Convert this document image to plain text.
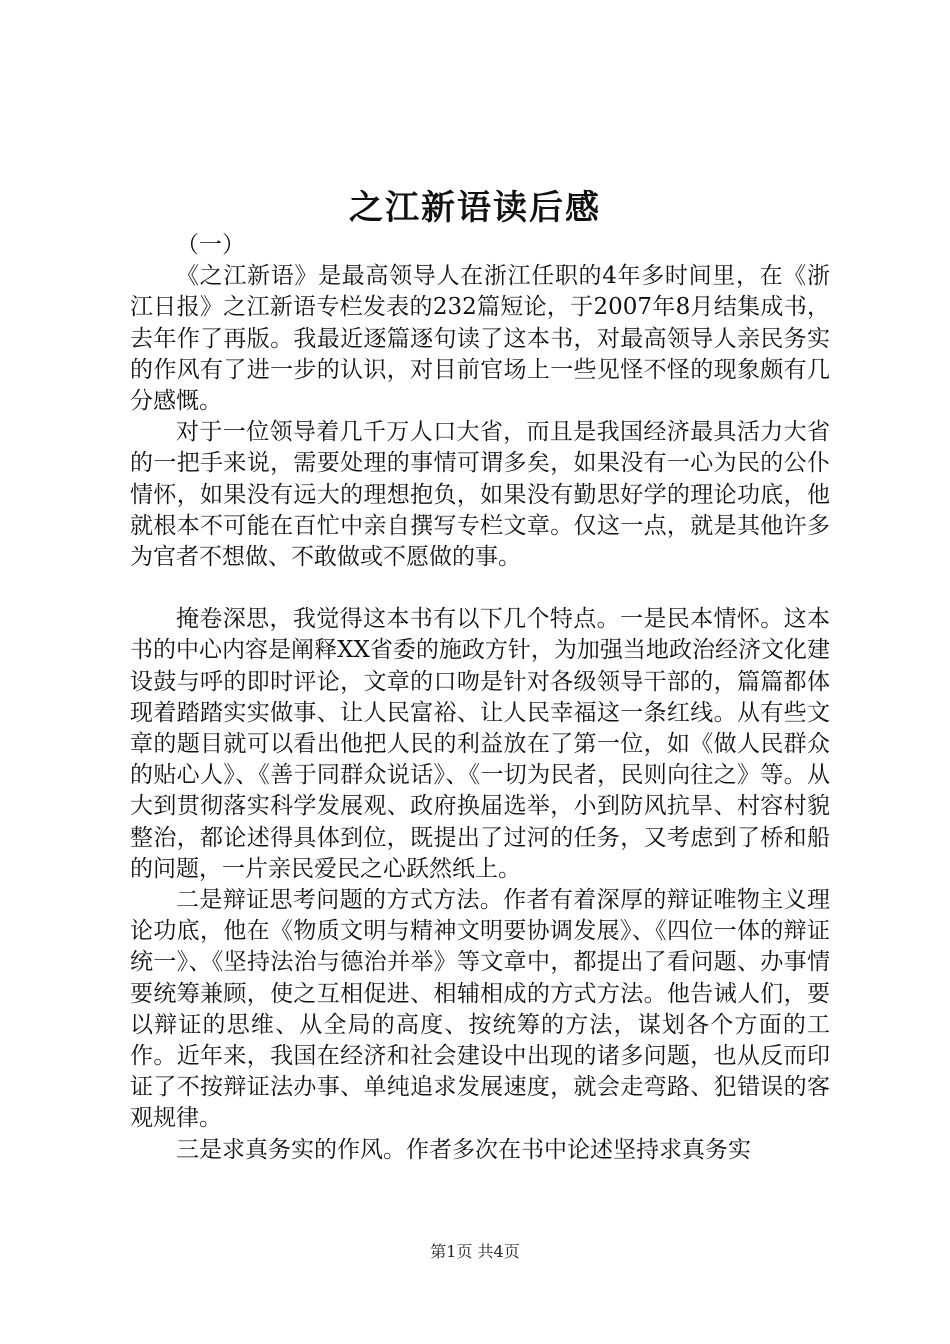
之江新语读后感

（一）

《之江新语》是最高领导人在浙江任职的4年多时间里，在《浙江日报》之江新语专栏发表的232篇短论，于2007年8月结集成书，去年作了再版。我最近逐篇逐句读了这本书，对最高领导人亲民务实的作风有了进一步的认识，对目前官场上一些见怪不怪的现象颇有几分感慨。

对于一位领导着几千万人口大省，而且是我国经济最具活力大省的一把手来说，需要处理的事情可谓多矣，如果没有一心为民的公仆情怀，如果没有远大的理想抱负，如果没有勤思好学的理论功底，他就根本不可能在百忙中亲自撰写专栏文章。仅这一点，就是其他许多为官者不想做、不敢做或不愿做的事。

掩卷深思，我觉得这本书有以下几个特点。一是民本情怀。这本书的中心内容是阐释XX省委的施政方针，为加强当地政治经济文化建设鼓与呼的即时评论，文章的口吻是针对各级领导干部的，篇篇都体现着踏踏实实做事、让人民富裕、让人民幸福这一条红线。从有些文章的题目就可以看出他把人民的利益放在了第一位，如《做人民群众的贴心人》、《善于同群众说话》、《一切为民者，民则向往之》等。从大到贯彻落实科学发展观、政府换届选举，小到防风抗旱、村容村貌整治，都论述得具体到位，既提出了过河的任务，又考虑到了桥和船的问题，一片亲民爱民之心跃然纸上。

二是辩证思考问题的方式方法。作者有着深厚的辩证唯物主义理论功底，他在《物质文明与精神文明要协调发展》、《四位一体的辩证统一》、《坚持法治与德治并举》等文章中，都提出了看问题、办事情要统筹兼顾，使之互相促进、相辅相成的方式方法。他告诫人们，要以辩证的思维、从全局的高度、按统筹的方法，谋划各个方面的工作。近年来，我国在经济和社会建设中出现的诸多问题，也从反而印证了不按辩证法办事、单纯追求发展速度，就会走弯路、犯错误的客观规律。

三是求真务实的作风。作者多次在书中论述坚持求真务实

第1页 共4页
